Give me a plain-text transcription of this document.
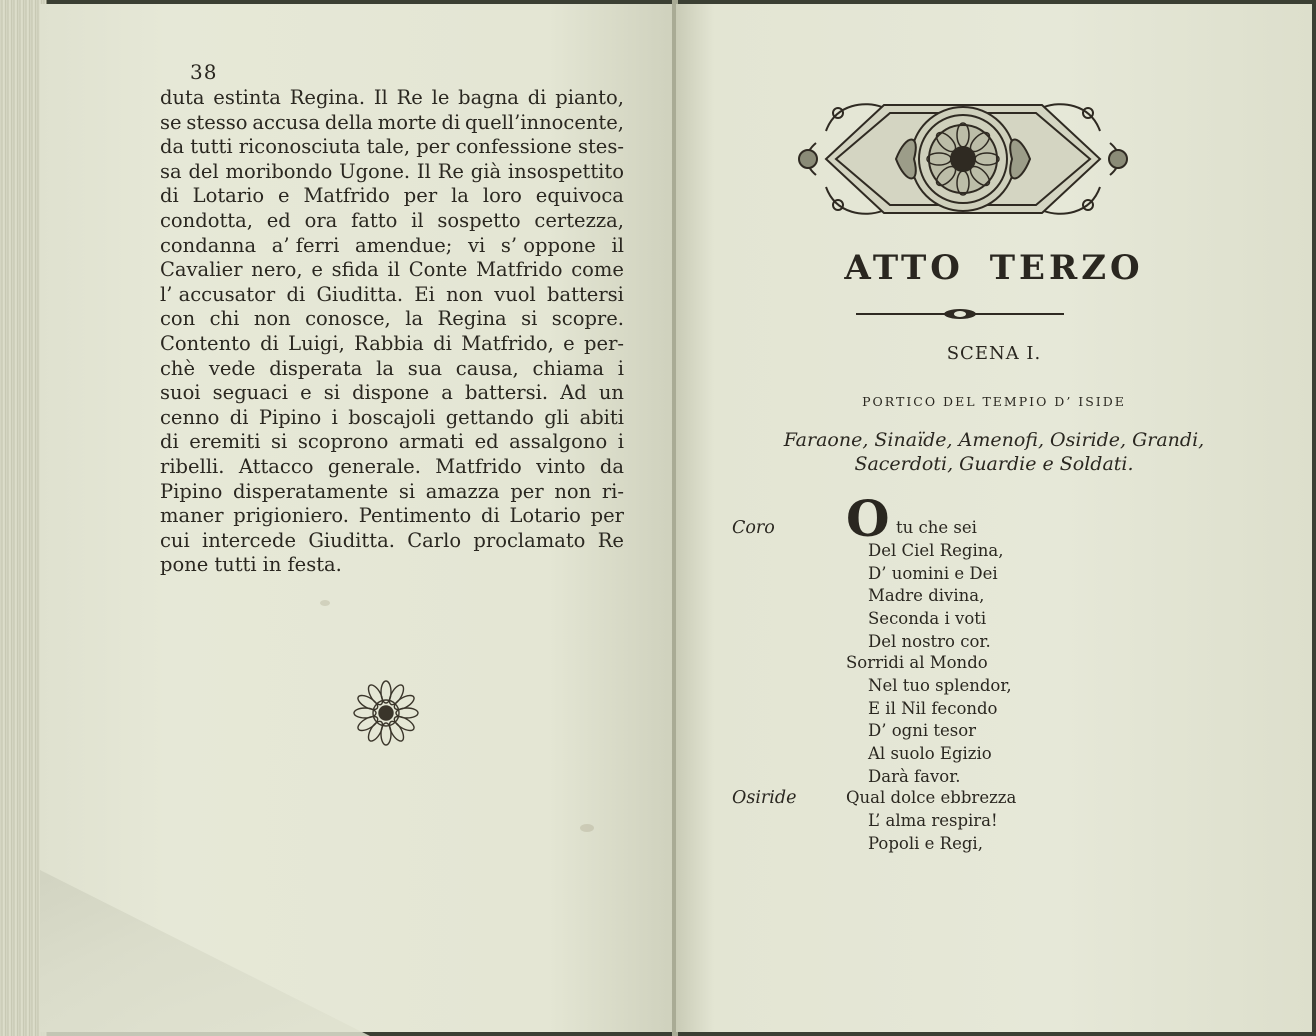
38
duta estinta Regina. Il Re le bagna di pianto,
se stesso accusa della morte di quell’innocente,
da tutti riconosciuta tale, per confessione stes-
sa del moribondo Ugone. Il Re già insospettito
di Lotario e Matfrido per la loro equivoca
condotta, ed ora fatto il sospetto certezza,
condanna a’ ferri amendue; vi s’ oppone il
Cavalier nero, e sfida il Conte Matfrido come
l’ accusator di Giuditta. Ei non vuol battersi
con chi non conosce, la Regina si scopre.
Contento di Luigi, Rabbia di Matfrido, e per-
chè vede disperata la sua causa, chiama i
suoi seguaci e si dispone a battersi. Ad un
cenno di Pipino i boscajoli gettando gli abiti
di eremiti si scoprono armati ed assalgono i
ribelli. Attacco generale. Matfrido vinto da
Pipino disperatamente si amazza per non ri-
maner prigioniero. Pentimento di Lotario per
cui intercede Giuditta. Carlo proclamato Re
pone tutti in festa.
ATTO TERZO
SCENA I.
PORTICO DEL TEMPIO D’ ISIDE
Faraone, Sinaïde, Amenofi, Osiride, Grandi,
Sacerdoti, Guardie e Soldati.
Coro O tu che sei
Del Ciel Regina,
D’ uomini e Dei
Madre divina,
Seconda i voti
Del nostro cor.
Sorridi al Mondo
Nel tuo splendor,
E il Nil fecondo
D’ ogni tesor
Al suolo Egizio
Darà favor.
Osiride	Qual dolce ebbrezza
L’ alma respira!
Popoli e Regi,
